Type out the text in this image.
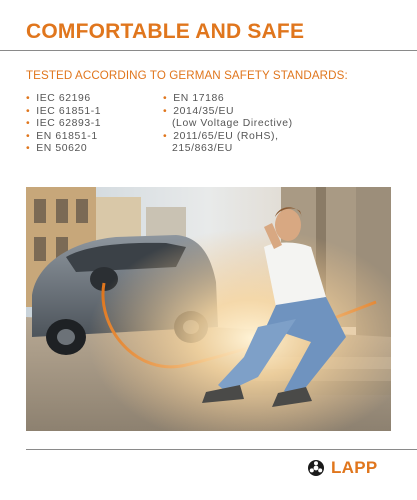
COMFORTABLE AND SAFE
TESTED ACCORDING TO GERMAN SAFETY STANDARDS:
• IEC 62196
• IEC 61851-1
• IEC 62893-1
• EN 61851-1
• EN 50620
• EN 17186
• 2014/35/EU
(Low Voltage Directive)
• 2011/65/EU (RoHS),
215/863/EU
LAPP
